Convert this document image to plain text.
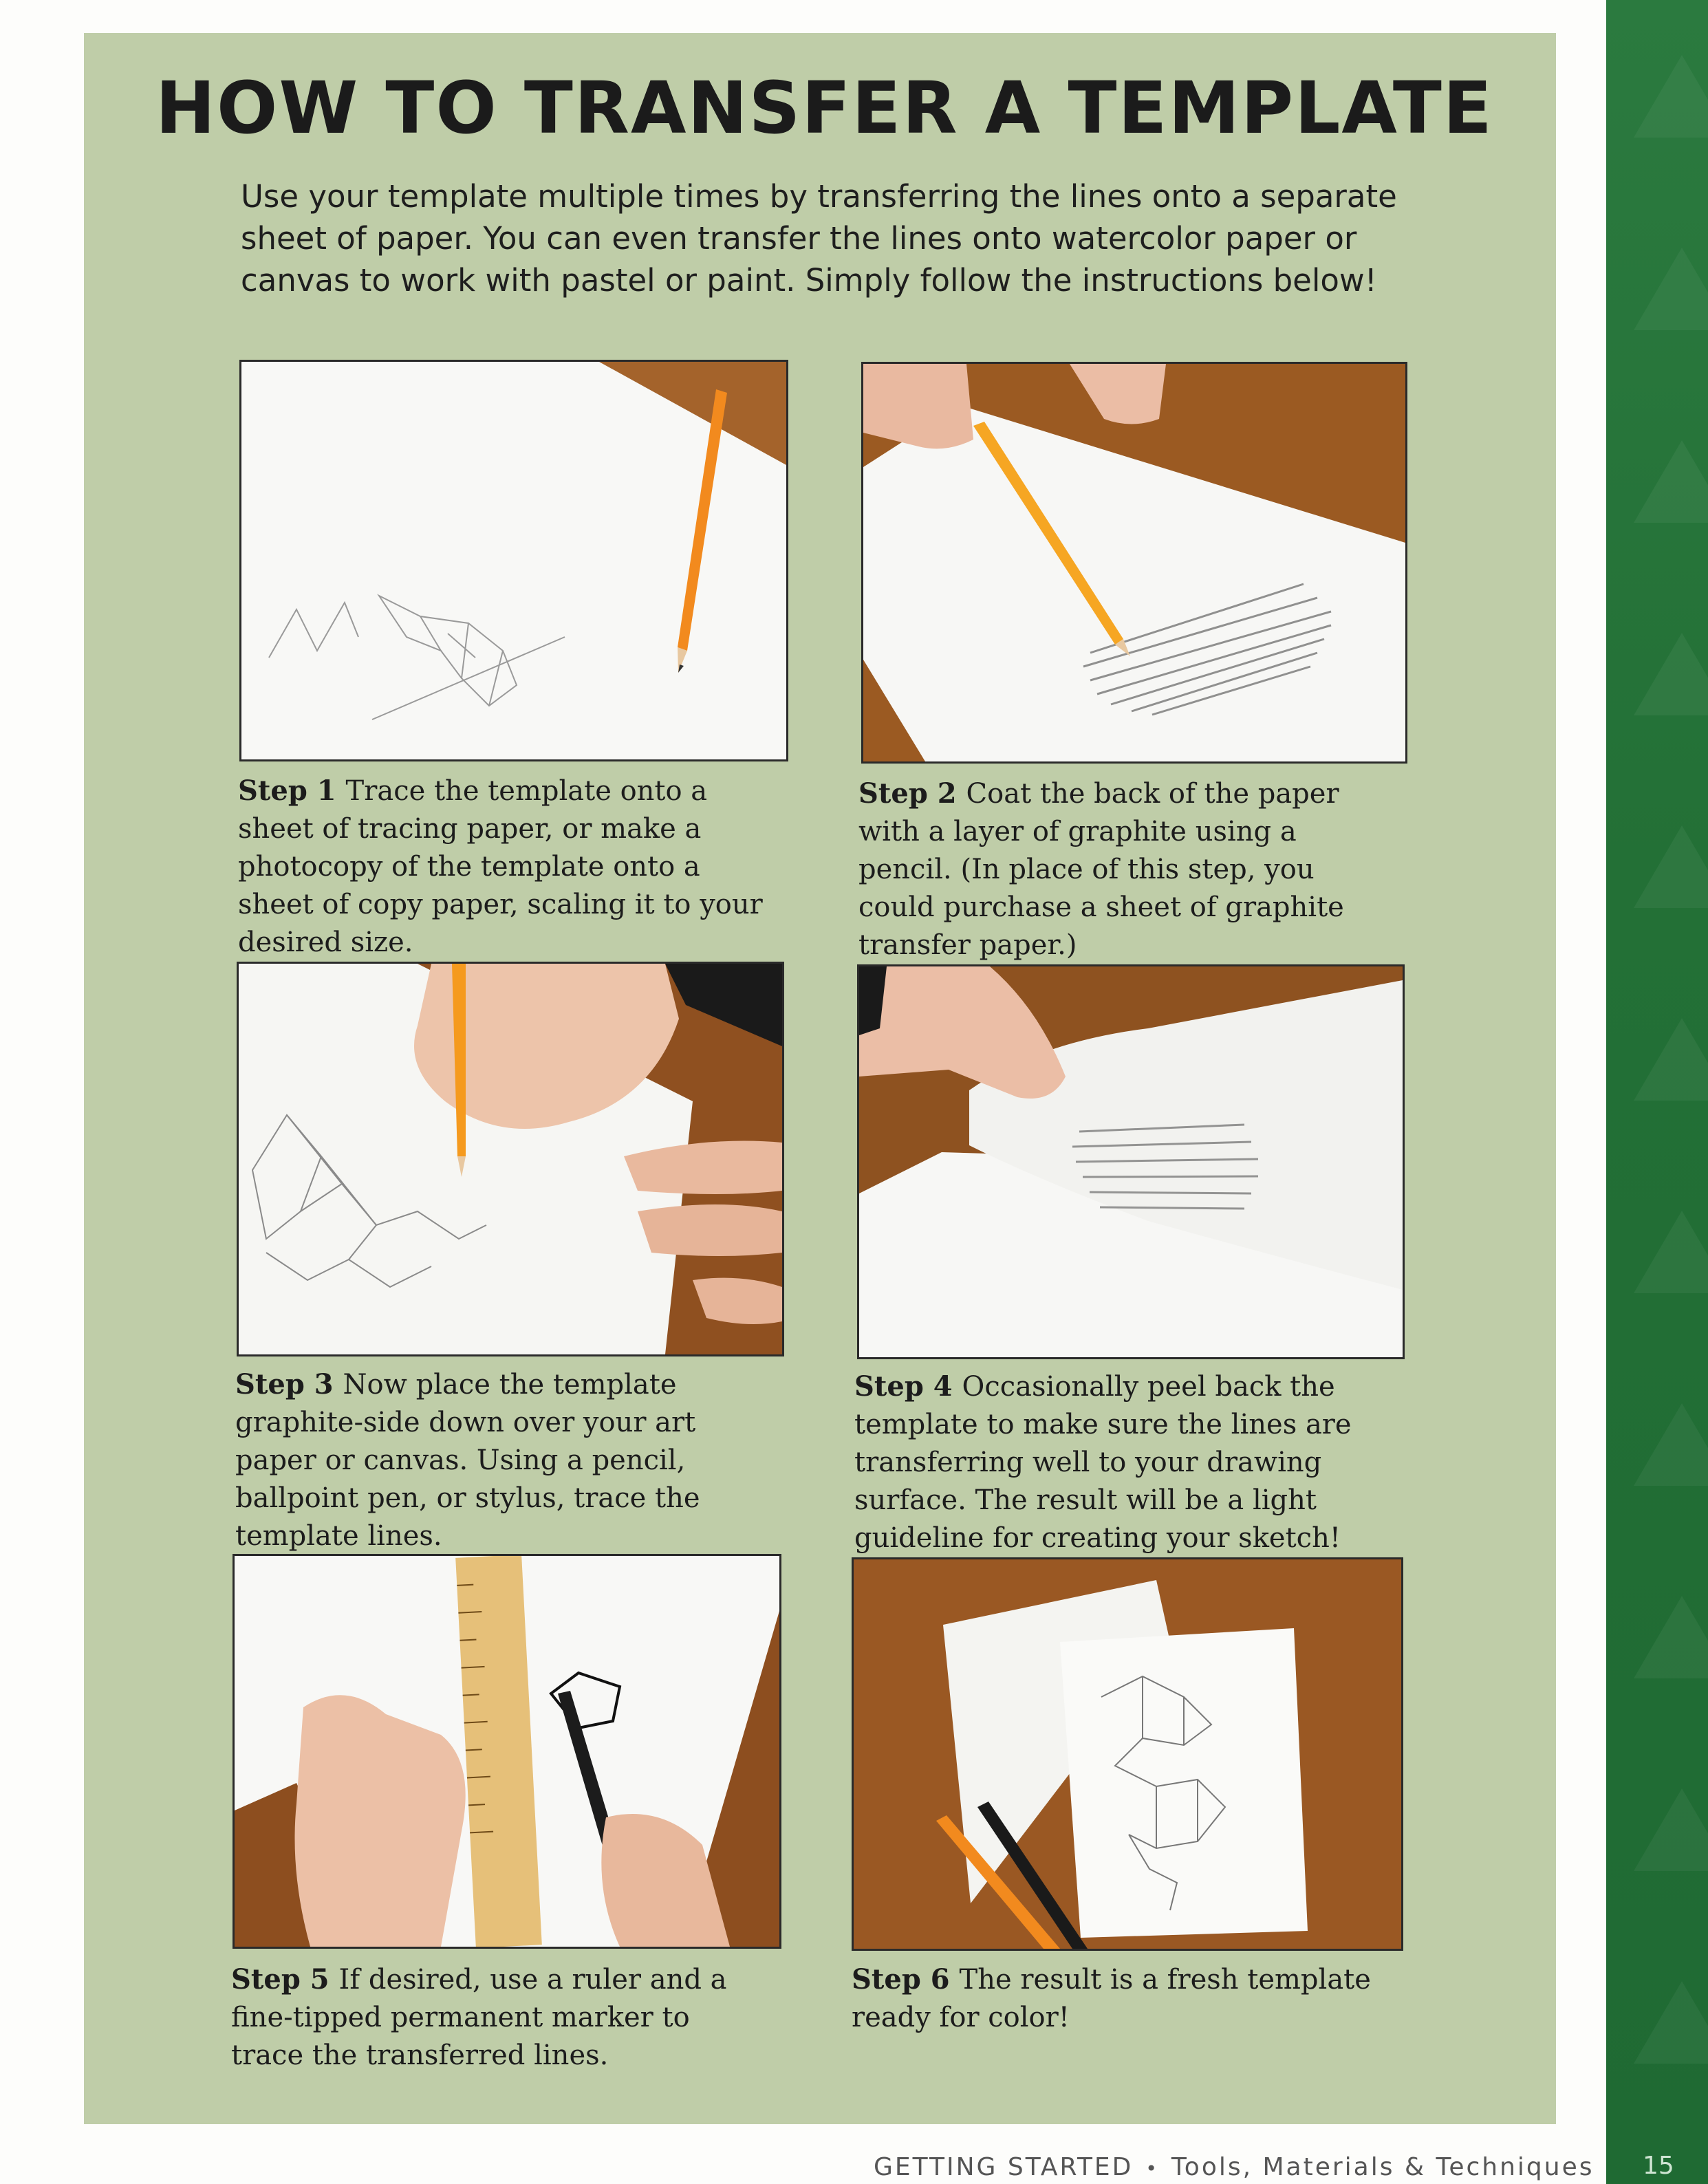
HOW TO TRANSFER A TEMPLATE

Use your template multiple times by transferring the lines onto a separate sheet of paper. You can even transfer the lines onto watercolor paper or canvas to work with pastel or paint. Simply follow the instructions below!

Step 1 Trace the template onto a sheet of tracing paper, or make a photocopy of the template onto a sheet of copy paper, scaling it to your desired size.

Step 2 Coat the back of the paper with a layer of graphite using a pencil. (In place of this step, you could purchase a sheet of graphite transfer paper.)

Step 3 Now place the template graphite-side down over your art paper or canvas. Using a pencil, ballpoint pen, or stylus, trace the template lines.

Step 4 Occasionally peel back the template to make sure the lines are transferring well to your drawing surface. The result will be a light guideline for creating your sketch!

Step 5 If desired, use a ruler and a fine-tipped permanent marker to trace the transferred lines.

Step 6 The result is a fresh template ready for color!

GETTING STARTED • Tools, Materials & Techniques 15
